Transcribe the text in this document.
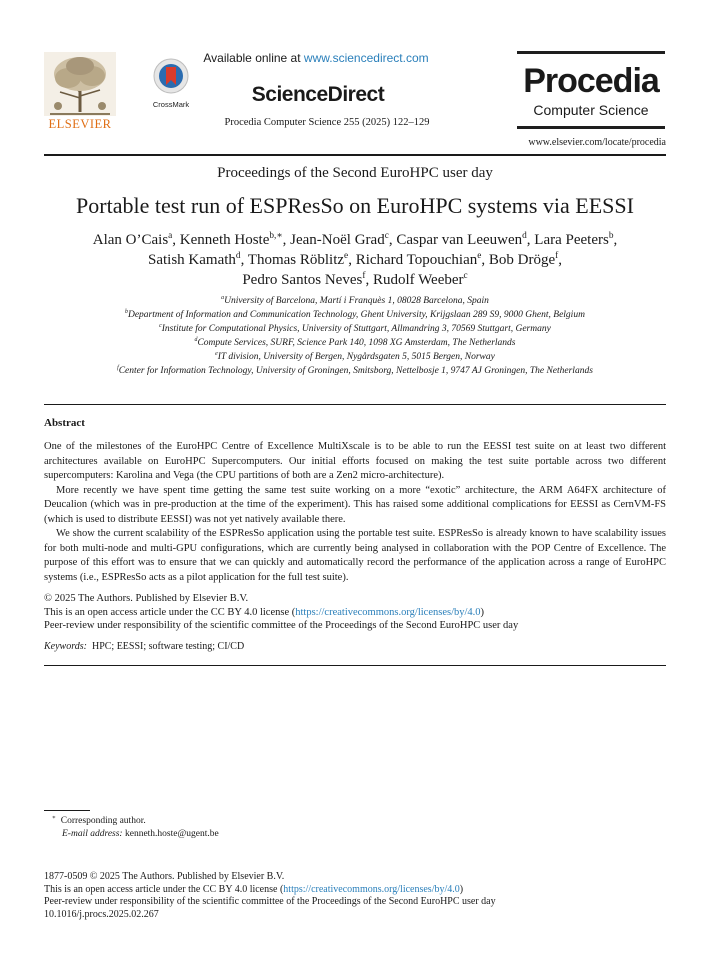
ELSEVIER
CrossMark
Available online at www.sciencedirect.com
ScienceDirect
Procedia Computer Science 255 (2025) 122–129
Procedia
Computer Science
www.elsevier.com/locate/procedia
Proceedings of the Second EuroHPC user day
Portable test run of ESPResSo on EuroHPC systems via EESSI
Alan O’Cais$^a$, Kenneth Hoste$^{b,∗}$, Jean-Noël Grad$^c$, Caspar van Leeuwen$^d$, Lara Peeters$^b$,
Satish Kamath$^d$, Thomas Röblitz$^e$, Richard Topouchian$^e$, Bob Dröge$^f$,
Pedro Santos Neves$^f$, Rudolf Weeber$^c$
$^a$University of Barcelona, Martí i Franquès 1, 08028 Barcelona, Spain
$^b$Department of Information and Communication Technology, Ghent University, Krijgslaan 289 S9, 9000 Ghent, Belgium
$^c$Institute for Computational Physics, University of Stuttgart, Allmandring 3, 70569 Stuttgart, Germany
$^d$Compute Services, SURF, Science Park 140, 1098 XG Amsterdam, The Netherlands
$^e$IT division, University of Bergen, Nygårdsgaten 5, 5015 Bergen, Norway
$^f$Center for Information Technology, University of Groningen, Smitsborg, Nettelbosje 1, 9747 AJ Groningen, The Netherlands
Abstract

One of the milestones of the EuroHPC Centre of Excellence MultiXscale is to be able to run the EESSI test suite on at least two different architectures available on EuroHPC Supercomputers. Our initial efforts focused on making the test suite portable across two different supercomputers: Karolina and Vega (the CPU partitions of both are a Zen2 micro-architecture).

More recently we have spent time getting the same test suite working on a more “exotic” architecture, the ARM A64FX architecture of Deucalion (which was in pre-production at the time of the experiment). This has raised some additional complications for EESSI as CernVM-FS (which is used to distribute EESSI) was not yet natively available there.

We show the current scalability of the ESPResSo application using the portable test suite. ESPResSo is already known to have scalability issues for both multi-node and multi-GPU configurations, which are currently being analysed in collaboration with the POP Centre of Excellence. The purpose of this effort was to ensure that we can quickly and automatically record the performance of the application across a range of EuroHPC systems (i.e., ESPResSo acts as a pilot application for the full test suite).

© 2025 The Authors. Published by Elsevier B.V.
This is an open access article under the CC BY 4.0 license (https://creativecommons.org/licenses/by/4.0)
Peer-review under responsibility of the scientific committee of the Proceedings of the Second EuroHPC user day
Keywords: HPC; EESSI; software testing; CI/CD
∗ Corresponding author.
E-mail address: kenneth.hoste@ugent.be
1877-0509 © 2025 The Authors. Published by Elsevier B.V.
This is an open access article under the CC BY 4.0 license (https://creativecommons.org/licenses/by/4.0)
Peer-review under responsibility of the scientific committee of the Proceedings of the Second EuroHPC user day
10.1016/j.procs.2025.02.267
